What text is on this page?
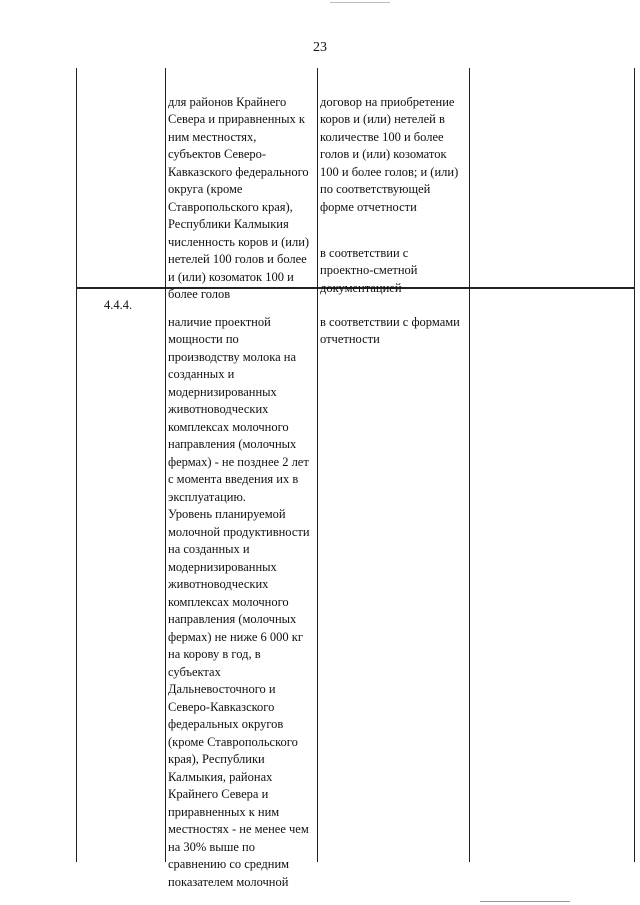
23

для районов Крайнего
Севера и приравненных к
ним местностях,
субъектов Северо-
Кавказского федерального
округа (кроме
Ставропольского края),
Республики Калмыкия
численность коров и (или)
нетелей 100 голов и более
и (или) козоматок 100 и
более голов

договор на приобретение
коров и (или) нетелей в
количестве 100 и более
голов и (или) козоматок
100 и более голов; и (или)
по соответствующей
форме отчетности

в соответствии с
проектно-сметной
документацией

4.4.4.

наличие проектной
мощности по
производству молока на
созданных и
модернизированных
животноводческих
комплексах молочного
направления (молочных
фермах) - не позднее 2 лет
с момента введения их в
эксплуатацию.
Уровень планируемой
молочной продуктивности
на созданных и
модернизированных
животноводческих
комплексах молочного
направления (молочных
фермах) не ниже 6 000 кг
на корову в год, в
субъектах
Дальневосточного и
Северо-Кавказского
федеральных округов
(кроме Ставропольского
края), Республики
Калмыкия, районах
Крайнего Севера и
приравненных к ним
местностях - не менее чем
на 30% выше по
сравнению со средним
показателем молочной

в соответствии с формами
отчетности
